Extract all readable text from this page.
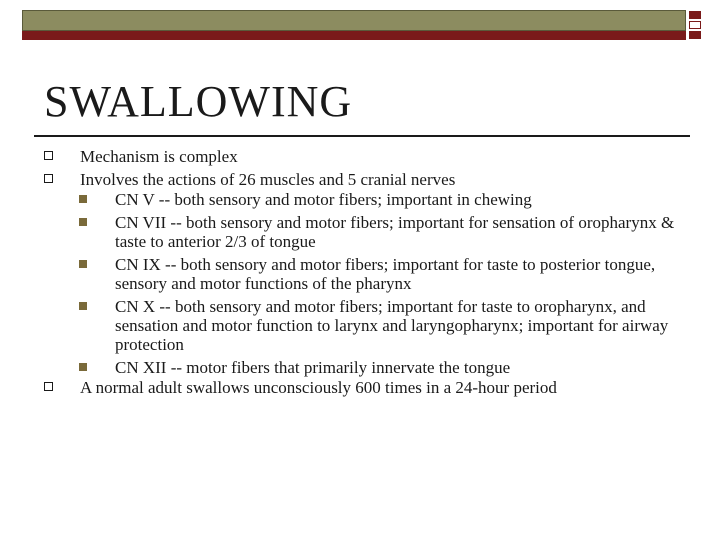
SWALLOWING
Mechanism is complex
Involves the actions of 26 muscles and 5 cranial nerves
CN V -- both sensory and motor fibers; important in chewing
CN VII -- both sensory and motor fibers; important for sensation of oropharynx & taste to anterior 2/3 of tongue
CN IX -- both sensory and motor fibers; important for taste to posterior tongue, sensory and motor functions of the pharynx
CN X -- both sensory and motor fibers; important for taste to oropharynx, and sensation and motor function to larynx and laryngopharynx; important for airway protection
CN XII -- motor fibers that primarily innervate the tongue
A normal adult swallows unconsciously 600 times in a 24-hour period
